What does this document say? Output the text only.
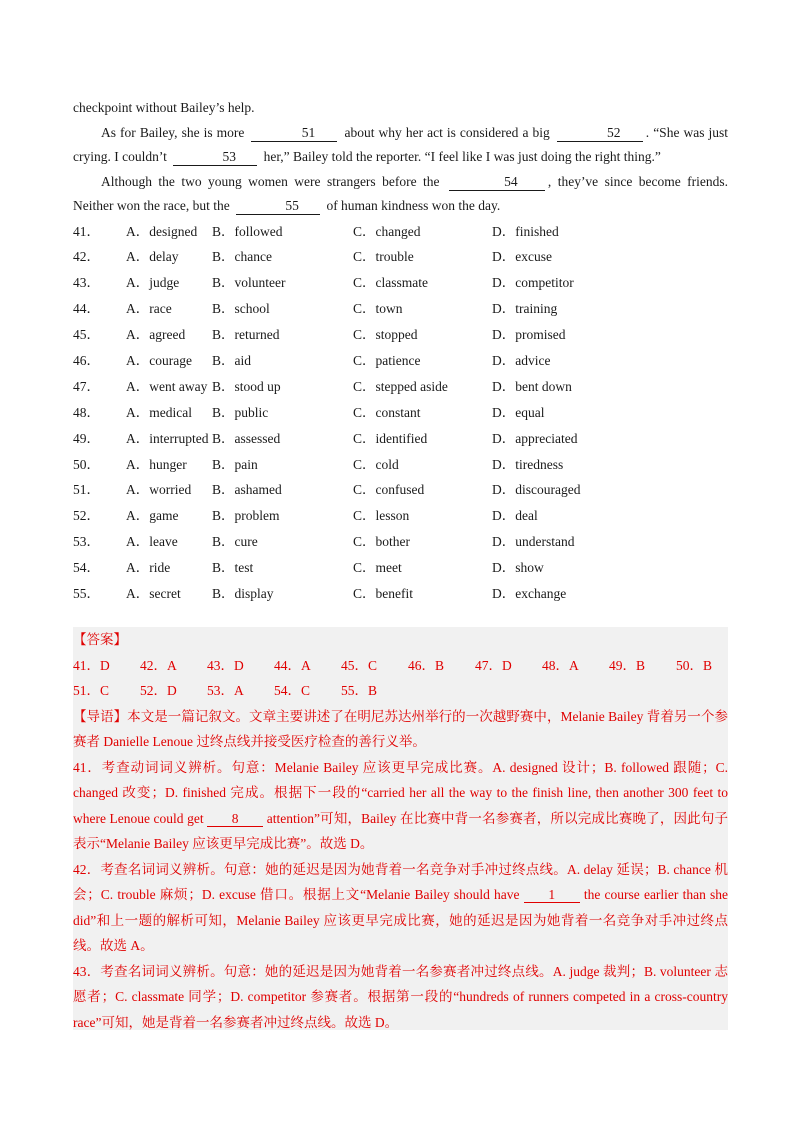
checkpoint without Bailey’s help.

As for Bailey, she is more	51 about why her act is considered a big	52 . “She was just crying. I couldn’t	53 her,” Bailey told the reporter. “I feel like I was just doing the right thing.”

Although the two young women were strangers before the	54 , they’ve since become friends. Neither won the race, but the	55 of human kindness won the day.

41．	A．designed	B．followed	C．changed	D．finished
42．	A．delay	B．chance	C．trouble	D．excuse
43．	A．judge	B．volunteer	C．classmate	D．competitor
44．	A．race	B．school	C．town	D．training
45．	A．agreed	B．returned	C．stopped	D．promised
46．	A．courage	B．aid	C．patience	D．advice
47．	A．went away B．stood up	C．stepped aside	D．bent down
48．	A．medical	B．public	C．constant	D．equal
49．	A．interrupted B．assessed	C．identified	D．appreciated
50．	A．hunger	B．pain	C．cold	D．tiredness
51．	A．worried	B．ashamed	C．confused	D．discouraged
52．	A．game	B．problem	C．lesson	D．deal
53．	A．leave	B．cure	C．bother	D．understand
54．	A．ride	B．test	C．meet	D．show
55．	A．secret	B．display	C．benefit	D．exchange

【答案】

41．D	42．A	43．D	44．A	45．C	46．B	47．D	48．A	49．B	50．B
51．C	52．D	53．A	54．C	55．B

【导语】本文是一篇记叙文。文章主要讲述了在明尼苏达州举行的一次越野赛中，Melanie Bailey 背着另一个参赛者 Danielle Lenoue 过终点线并接受医疗检查的善行义举。

41．考查动词词义辨析。句意：Melanie Bailey 应该更早完成比赛。A. designed 设计；B. followed 跟随；C. changed 改变；D. finished 完成。根据下一段的“carried her all the way to the finish line, then another 300 feet to where Lenoue could get 8 attention”可知，Bailey 在比赛中背一名参赛者，所以完成比赛晚了，因此句子表示“Melanie Bailey 应该更早完成比赛”。故选 D。

42．考查名词词义辨析。句意：她的延迟是因为她背着一名竞争对手冲过终点线。A. delay 延误；B. chance 机会；C. trouble 麻烦；D. excuse 借口。根据上文“Melanie Bailey should have 1 the course earlier than she did”和上一题的解析可知，Melanie Bailey 应该更早完成比赛，她的延迟是因为她背着一名竞争对手冲过终点线。故选 A。

43．考查名词词义辨析。句意：她的延迟是因为她背着一名参赛者冲过终点线。A. judge 裁判；B. volunteer 志愿者；C. classmate 同学；D. competitor 参赛者。根据第一段的“hundreds of runners competed in a cross-country race”可知，她是背着一名参赛者冲过终点线。故选 D。
